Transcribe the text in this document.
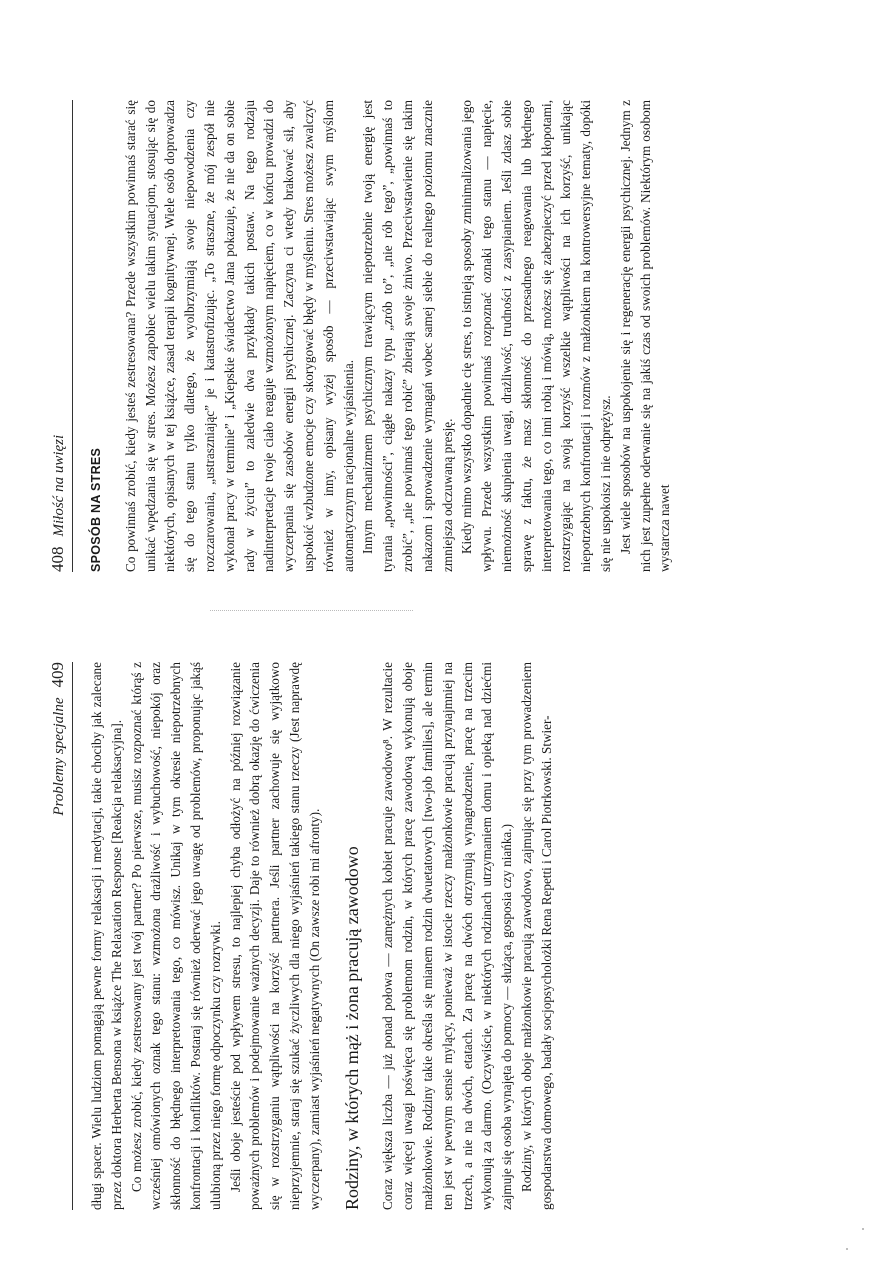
408
Miłość na uwięzi SPOSÓB NA STRES Co powinnaś zrobić, kiedy jesteś zestresowana? Przede wszystkim powinnaś starać się unikać wpędzania się w stres. Możesz zapobiec wielu takim sytuacjom, stosując się do niektórych, opisanych w tej książce, zasad terapii kognitywnej. Wiele osób doprowadza się do tego stanu tylko dlatego, że wyolbrzymiają swoje niepowodzenia czy rozczarowania, „ustraszniając” je i katastrofizując. „To straszne, że mój zespół nie wykonał pracy w terminie” i „Kiepskie świadectwo Jana pokazuje, że nie da on sobie rady w życiu” to zaledwie dwa przykłady takich postaw. Na tego rodzaju nadinterpretacje twoje ciało reaguje wzmożonym napięciem, co w końcu prowadzi do wyczerpania się zasobów energii psychicznej. Zaczyna ci wtedy brakować sił, aby uspokoić wzbudzone emocje czy skorygować błędy w myśleniu. Stres możesz zwalczyć również w inny, opisany wyżej sposób — przeciwstawiając swym myślom automatycznym racjonalne wyjaśnienia. Innym mechanizmem psychicznym trawiącym niepotrzebnie twoją energię jest tyrania „powinności”, ciągłe nakazy typu „zrób to”, „nie rób tego”, „powinnaś to zrobić”, „nie powinnaś tego robić” zbierają swoje żniwo. Przeciwstawienie się takim nakazom i sprowadzenie wymagań wobec samej siebie do realnego poziomu znacznie zmniejsza odczuwaną presję. Kiedy mimo wszystko dopadnie cię stres, to istnieją sposoby zminimalizowania jego wpływu. Przede wszystkim powinnaś rozpoznać oznaki tego stanu — napięcie, niemożność skupienia uwagi, drażliwość, trudności z zasypianiem. Jeśli zdasz sobie sprawę z faktu, że masz skłonność do przesadnego reagowania lub błędnego interpretowania tego, co inni robią i mówią, możesz się zabezpieczyć przed kłopotami, rozstrzygając na swoją korzyść wszelkie wątpliwości na ich korzyść, unikając niepotrzebnych konfrontacji i rozmów z małżonkiem na kontrowersyjne tematy, dopóki się nie uspokoisz i nie odprężysz. Jest wiele sposobów na uspokojenie się i regenerację energii psychicznej. Jednym z nich jest zupełne oderwanie się na jakiś czas od swoich problemów. Niektórym osobom wystarcza nawet

Problemy specjalne
409 długi spacer. Wielu ludziom pomagają pewne formy relaksacji i medytacji, takie chociby jak zalecane przez doktora Herberta Bensona w książce The Relaxation Response [Reakcja relaksacyjna]. Co możesz zrobić, kiedy zestresowany jest twój partner? Po pierwsze, musisz rozpoznać którąś z wcześniej omówionych oznak tego stanu: wzmożona drażliwość i wybuchowość, niepokój oraz skłonność do błędnego interpretowania tego, co mówisz. Unikaj w tym okresie niepotrzebnych konfrontacji i konfliktów. Postaraj się również oderwać jego uwagę od problemów, proponując jakąś ulubioną przez niego formę odpoczynku czy rozrywki. Jeśli oboje jesteście pod wpływem stresu, to najlepiej chyba odłożyć na później rozwiązanie poważnych problemów i podejmowanie ważnych decyzji. Daje to również dobrą okazję do ćwiczenia się w rozstrzyganiu wątpliwości na korzyść partnera. Jeśli partner zachowuje się wyjątkowo nieprzyjemnie, staraj się szukać życzliwych dla niego wyjaśnień takiego stanu rzeczy (Jest naprawdę wyczerpany), zamiast wyjaśnień negatywnych (On zawsze robi mi afronty). Rodziny, w których mąż i żona pracują zawodowo Coraz większa liczba — już ponad połowa — zamężnych kobiet pracuje zawodowo⁸. W rezultacie coraz więcej uwagi poświęca się problemom rodzin, w których pracę zawodową wykonują oboje małżonkowie. Rodziny takie określa się mianem rodzin dwuetatowych [two-job families], ale termin ten jest w pewnym sensie mylący, ponieważ w istocie rzeczy małżonkowie pracują przynajmniej na trzech, a nie na dwóch, etatach. Za pracę na dwóch otrzymują wynagrodzenie, pracę na trzecim wykonują za darmo. (Oczywiście, w niektórych rodzinach utrzymaniem domu i opieką nad dziećmi zajmuje się osoba wynajęta do pomocy — służąca, gosposia czy niańka.) Rodziny, w których oboje małżonkowie pracują zawodowo, zajmując się przy tym prowadzeniem gospodarstwa domowego, badały socjopsycholożki Rena Repetti i Carol Piotrkowski. Stwier-
